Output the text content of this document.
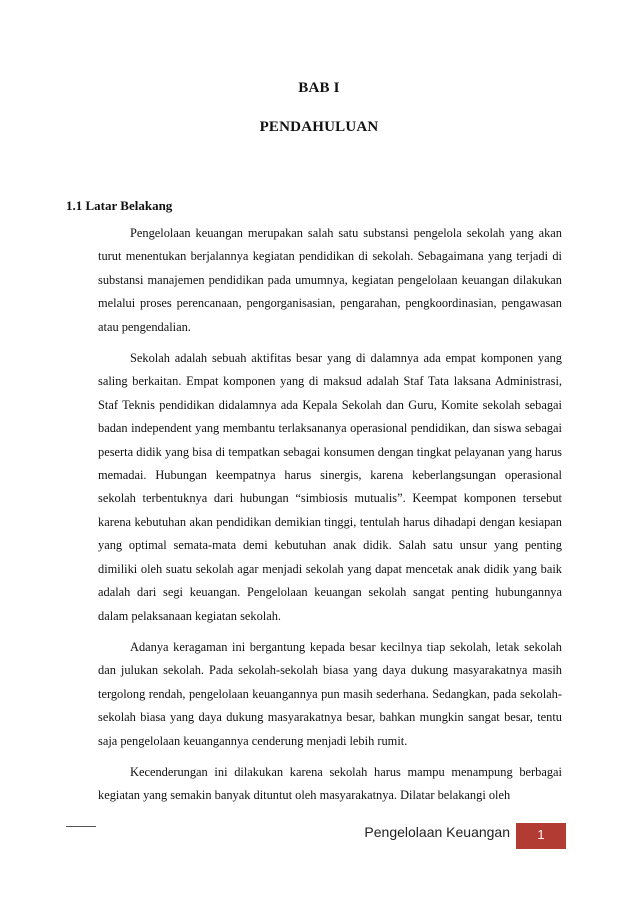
BAB I
PENDAHULUAN
1.1 Latar Belakang

Pengelolaan keuangan merupakan salah satu substansi pengelola sekolah yang akan turut menentukan berjalannya kegiatan pendidikan di sekolah. Sebagaimana yang terjadi di substansi manajemen pendidikan pada umumnya, kegiatan pengelolaan keuangan dilakukan melalui proses perencanaan, pengorganisasian, pengarahan, pengkoordinasian, pengawasan atau pengendalian.

Sekolah adalah sebuah aktifitas besar yang di dalamnya ada empat komponen yang saling berkaitan. Empat komponen yang di maksud adalah Staf Tata laksana Administrasi, Staf Teknis pendidikan didalamnya ada Kepala Sekolah dan Guru, Komite sekolah sebagai badan independent yang membantu terlaksananya operasional pendidikan, dan siswa sebagai peserta didik yang bisa di tempatkan sebagai konsumen dengan tingkat pelayanan yang harus memadai. Hubungan keempatnya harus sinergis, karena keberlangsungan operasional sekolah terbentuknya dari hubungan “simbiosis mutualis”. Keempat komponen tersebut karena kebutuhan akan pendidikan demikian tinggi, tentulah harus dihadapi dengan kesiapan yang optimal semata-mata demi kebutuhan anak didik. Salah satu unsur yang penting dimiliki oleh suatu sekolah agar menjadi sekolah yang dapat mencetak anak didik yang baik adalah dari segi keuangan. Pengelolaan keuangan sekolah sangat penting hubungannya dalam pelaksanaan kegiatan sekolah.

Adanya keragaman ini bergantung kepada besar kecilnya tiap sekolah, letak sekolah dan julukan sekolah. Pada sekolah-sekolah biasa yang daya dukung masyarakatnya masih tergolong rendah, pengelolaan keuangannya pun masih sederhana. Sedangkan, pada sekolah-sekolah biasa yang daya dukung masyarakatnya besar, bahkan mungkin sangat besar, tentu saja pengelolaan keuangannya cenderung menjadi lebih rumit.

Kecenderungan ini dilakukan karena sekolah harus mampu menampung berbagai kegiatan yang semakin banyak dituntut oleh masyarakatnya. Dilatar belakangi oleh

Pengelolaan Keuangan	1
